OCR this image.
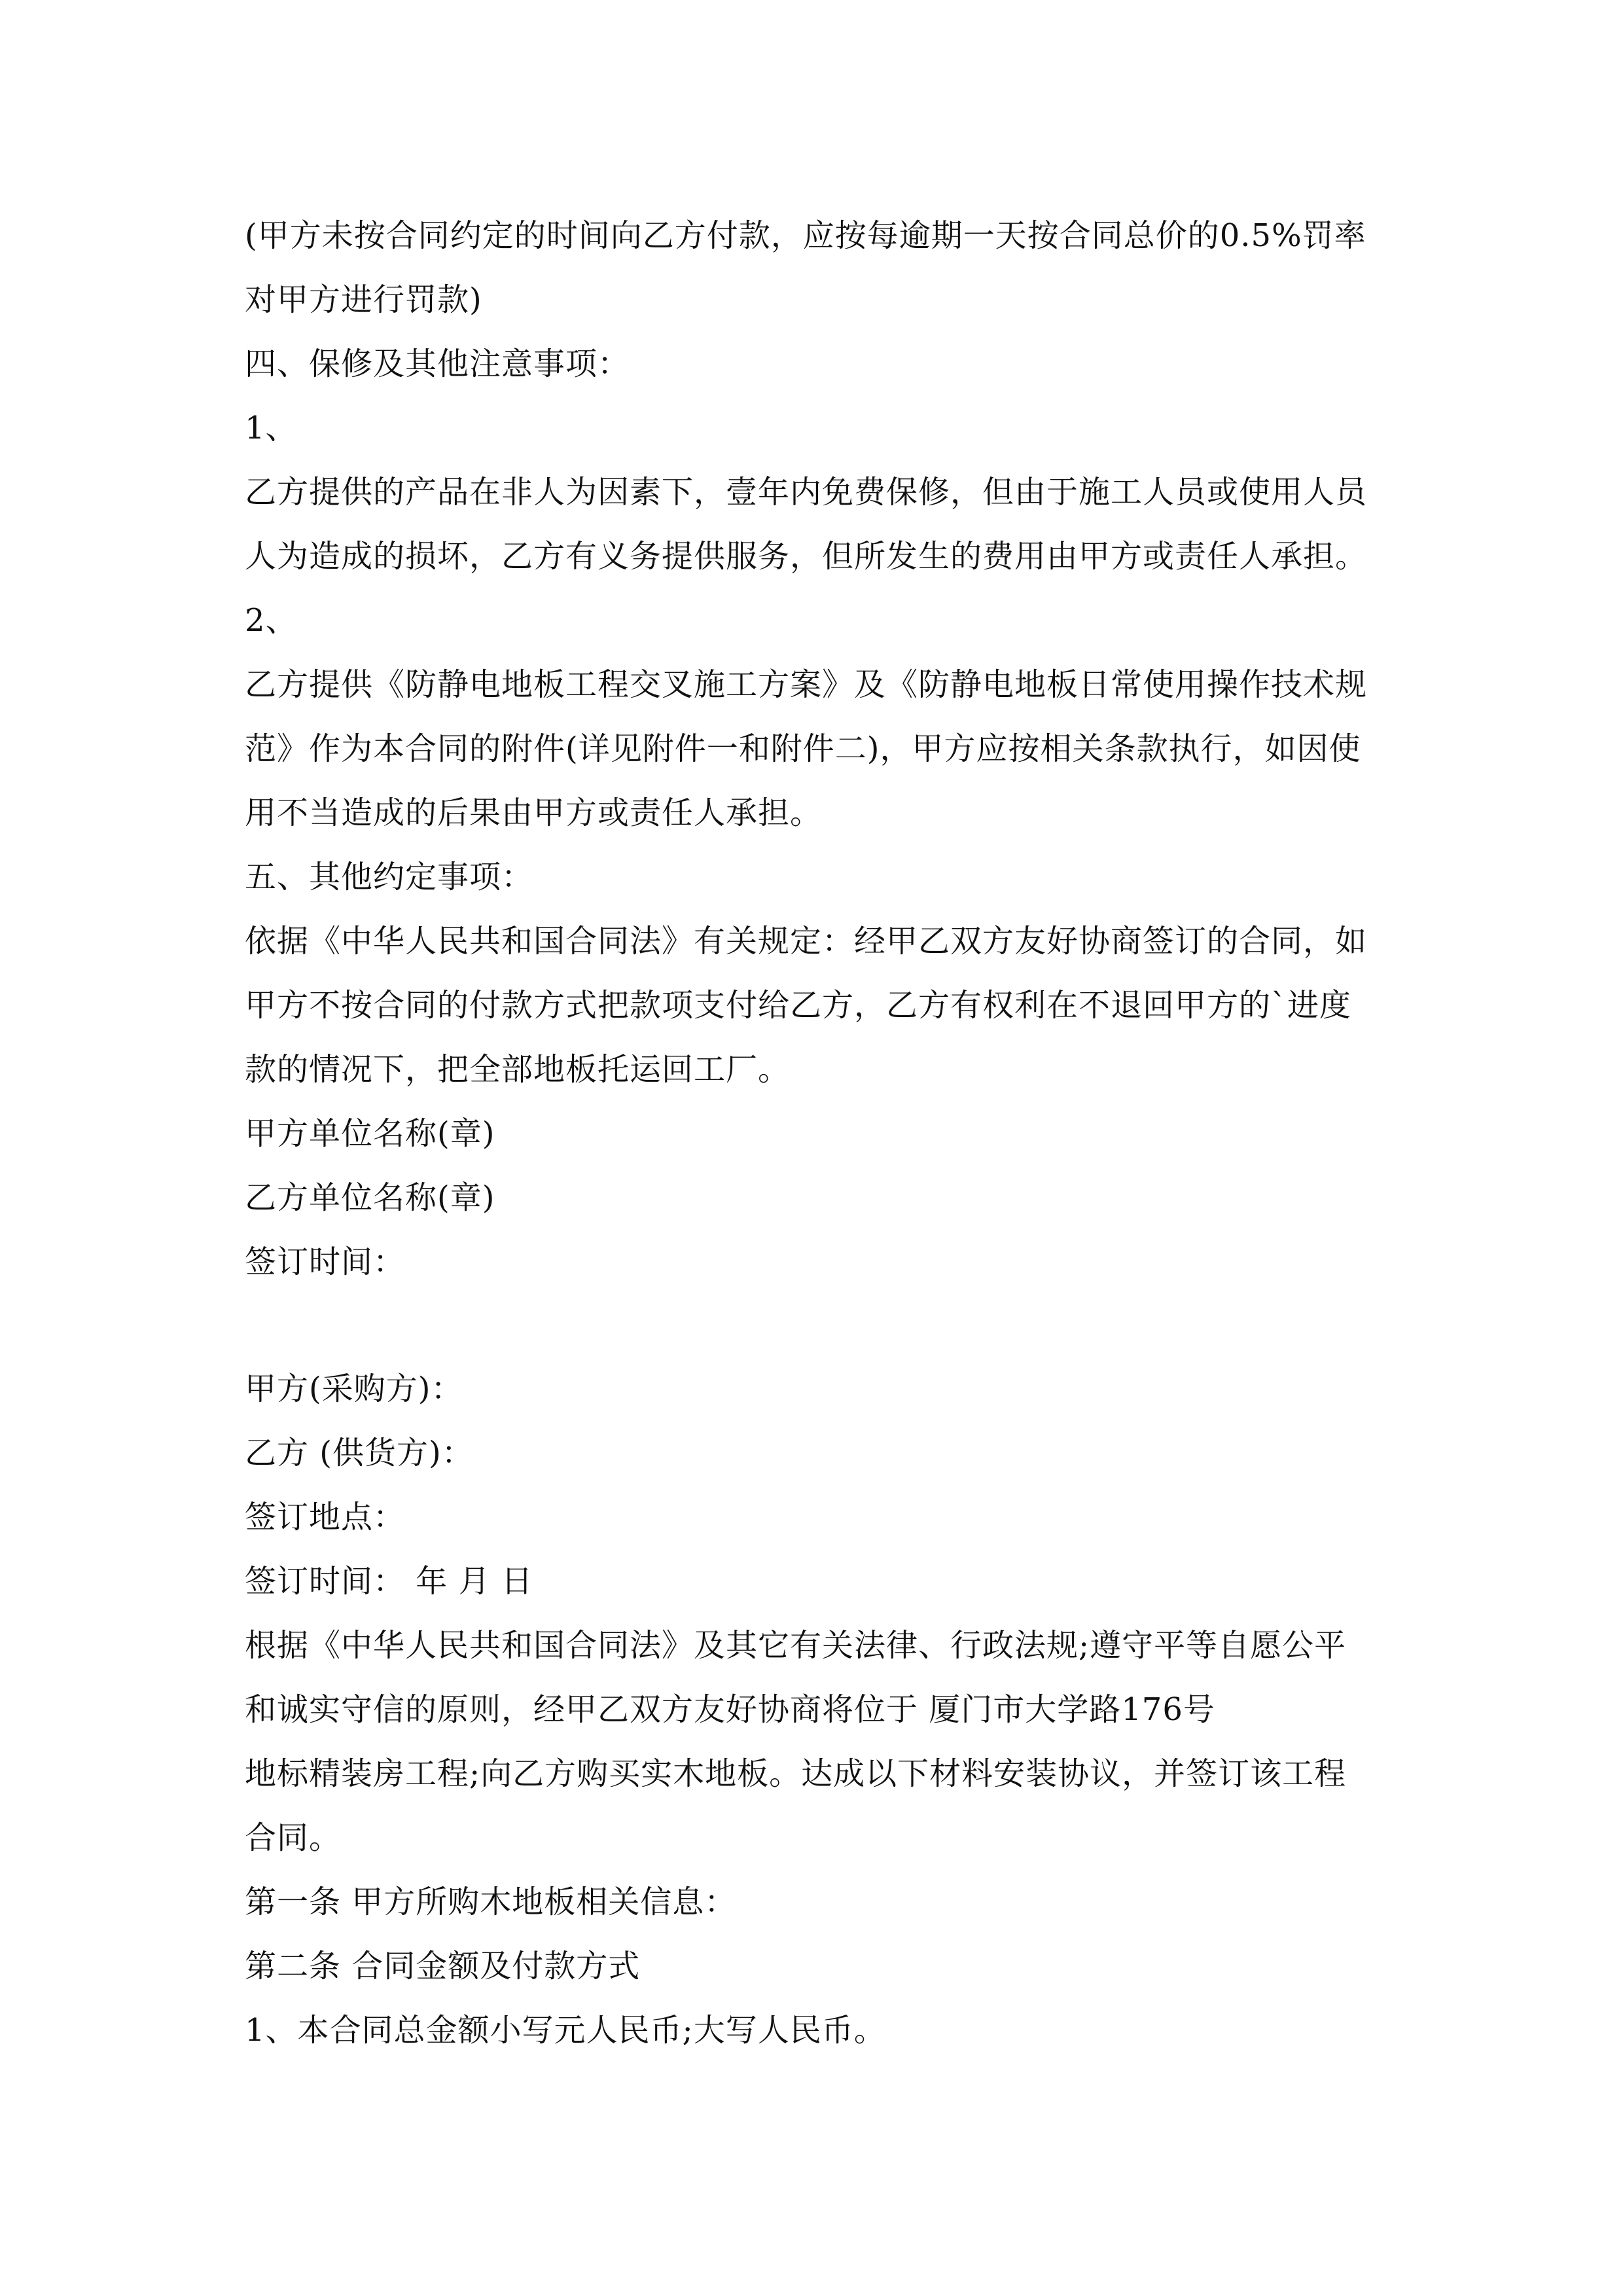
(甲方未按合同约定的时间向乙方付款，应按每逾期一天按合同总价的0.5%罚率
对甲方进行罚款)
四、保修及其他注意事项：
1、
乙方提供的产品在非人为因素下，壹年内免费保修，但由于施工人员或使用人员
人为造成的损坏，乙方有义务提供服务，但所发生的费用由甲方或责任人承担。
2、
乙方提供《防静电地板工程交叉施工方案》及《防静电地板日常使用操作技术规
范》作为本合同的附件(详见附件一和附件二)，甲方应按相关条款执行，如因使
用不当造成的后果由甲方或责任人承担。
五、其他约定事项：
依据《中华人民共和国合同法》有关规定：经甲乙双方友好协商签订的合同，如
甲方不按合同的付款方式把款项支付给乙方，乙方有权利在不退回甲方的`进度
款的情况下，把全部地板托运回工厂。
甲方单位名称(章)
乙方单位名称(章)
签订时间：
甲方(采购方)：
乙方 (供货方)：
签订地点：
签订时间： 年 月 日
根据《中华人民共和国合同法》及其它有关法律、行政法规;遵守平等自愿公平
和诚实守信的原则，经甲乙双方友好协商将位于 厦门市大学路176号
地标精装房工程;向乙方购买实木地板。达成以下材料安装协议，并签订该工程
合同。
第一条 甲方所购木地板相关信息：
第二条 合同金额及付款方式
1、本合同总金额小写元人民币;大写人民币。
